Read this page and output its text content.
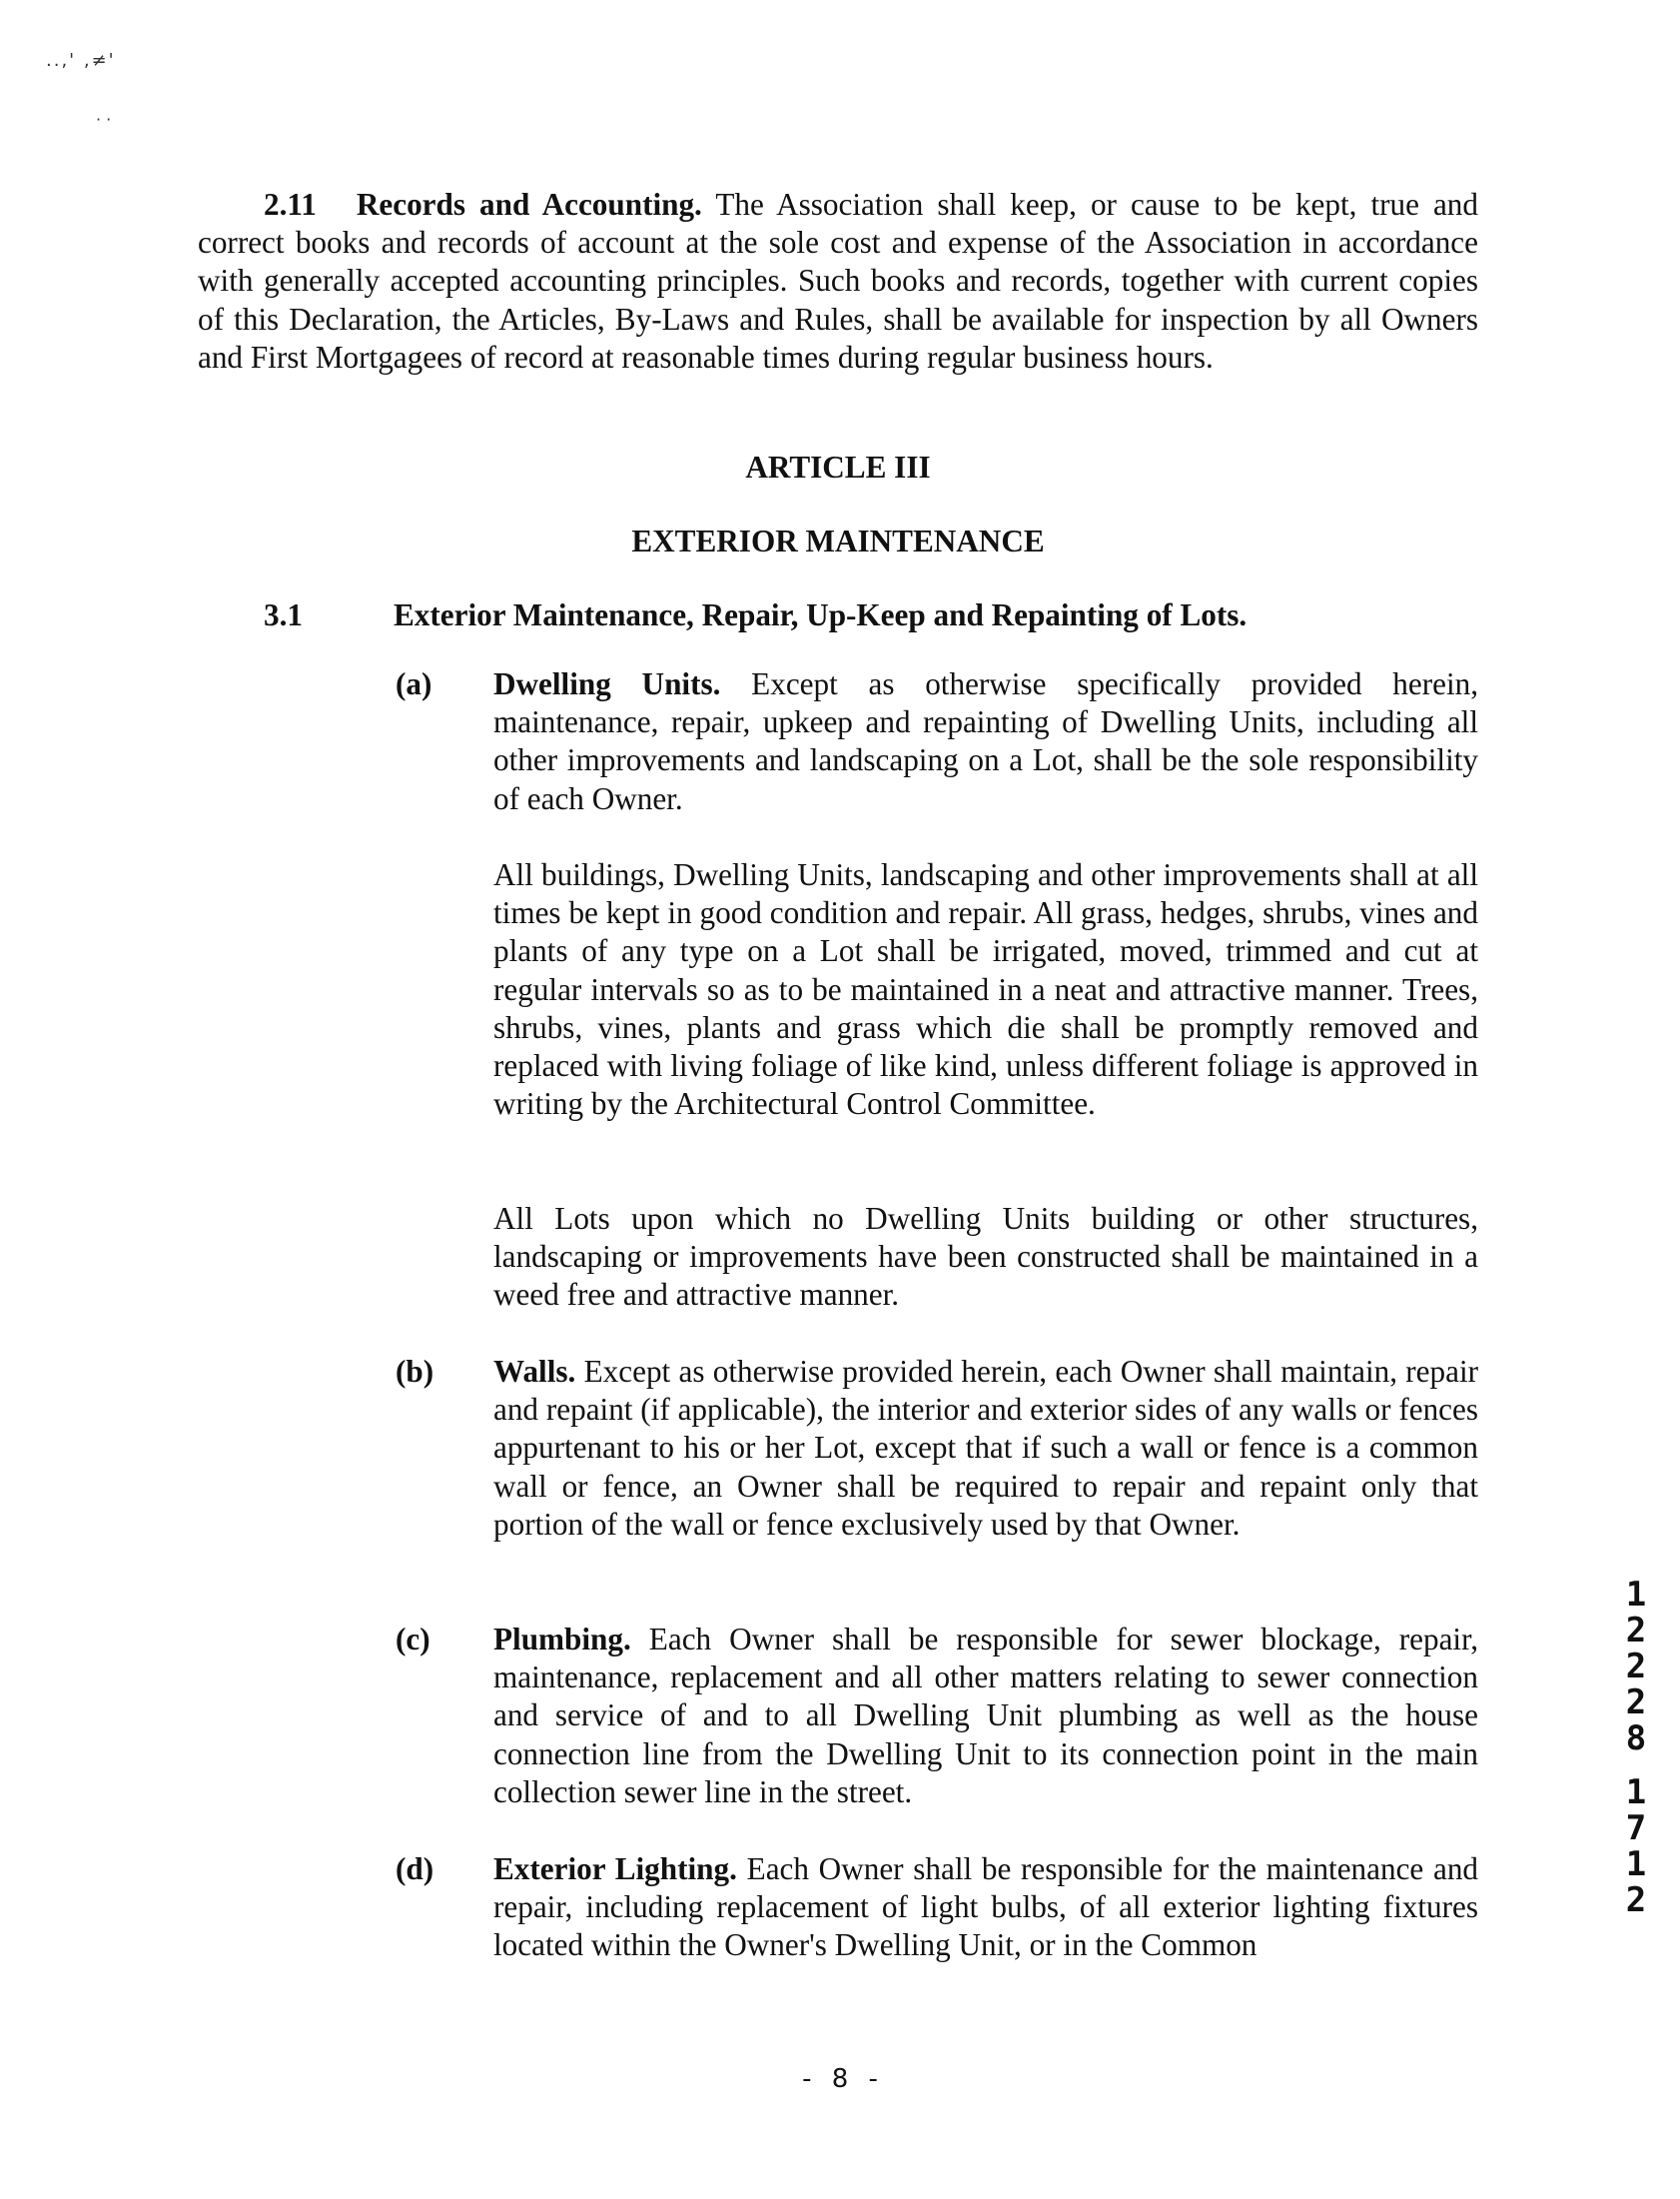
..,' ,≠'
· ·
2.11 Records and Accounting. The Association shall keep, or cause to be kept, true and correct books and records of account at the sole cost and expense of the Association in accordance with generally accepted accounting principles. Such books and records, together with current copies of this Declaration, the Articles, By-Laws and Rules, shall be available for inspection by all Owners and First Mortgagees of record at reasonable times during regular business hours.
ARTICLE III
EXTERIOR MAINTENANCE
3.1	Exterior Maintenance, Repair, Up-Keep and Repainting of Lots.
(a) Dwelling Units. Except as otherwise specifically provided herein, maintenance, repair, upkeep and repainting of Dwelling Units, including all other improvements and landscaping on a Lot, shall be the sole responsibility of each Owner.
All buildings, Dwelling Units, landscaping and other improvements shall at all times be kept in good condition and repair. All grass, hedges, shrubs, vines and plants of any type on a Lot shall be irrigated, moved, trimmed and cut at regular intervals so as to be maintained in a neat and attractive manner. Trees, shrubs, vines, plants and grass which die shall be promptly removed and replaced with living foliage of like kind, unless different foliage is approved in writing by the Architectural Control Committee.
All Lots upon which no Dwelling Units building or other structures, landscaping or improvements have been constructed shall be maintained in a weed free and attractive manner.
(b) Walls. Except as otherwise provided herein, each Owner shall maintain, repair and repaint (if applicable), the interior and exterior sides of any walls or fences appurtenant to his or her Lot, except that if such a wall or fence is a common wall or fence, an Owner shall be required to repair and repaint only that portion of the wall or fence exclusively used by that Owner.
(c) Plumbing. Each Owner shall be responsible for sewer blockage, repair, maintenance, replacement and all other matters relating to sewer connection and service of and to all Dwelling Unit plumbing as well as the house connection line from the Dwelling Unit to its connection point in the main collection sewer line in the street.
(d) Exterior Lighting. Each Owner shall be responsible for the maintenance and repair, including replacement of light bulbs, of all exterior lighting fixtures located within the Owner's Dwelling Unit, or in the Common
1
2
2
2
8
1
7
1
2
- 8 -
